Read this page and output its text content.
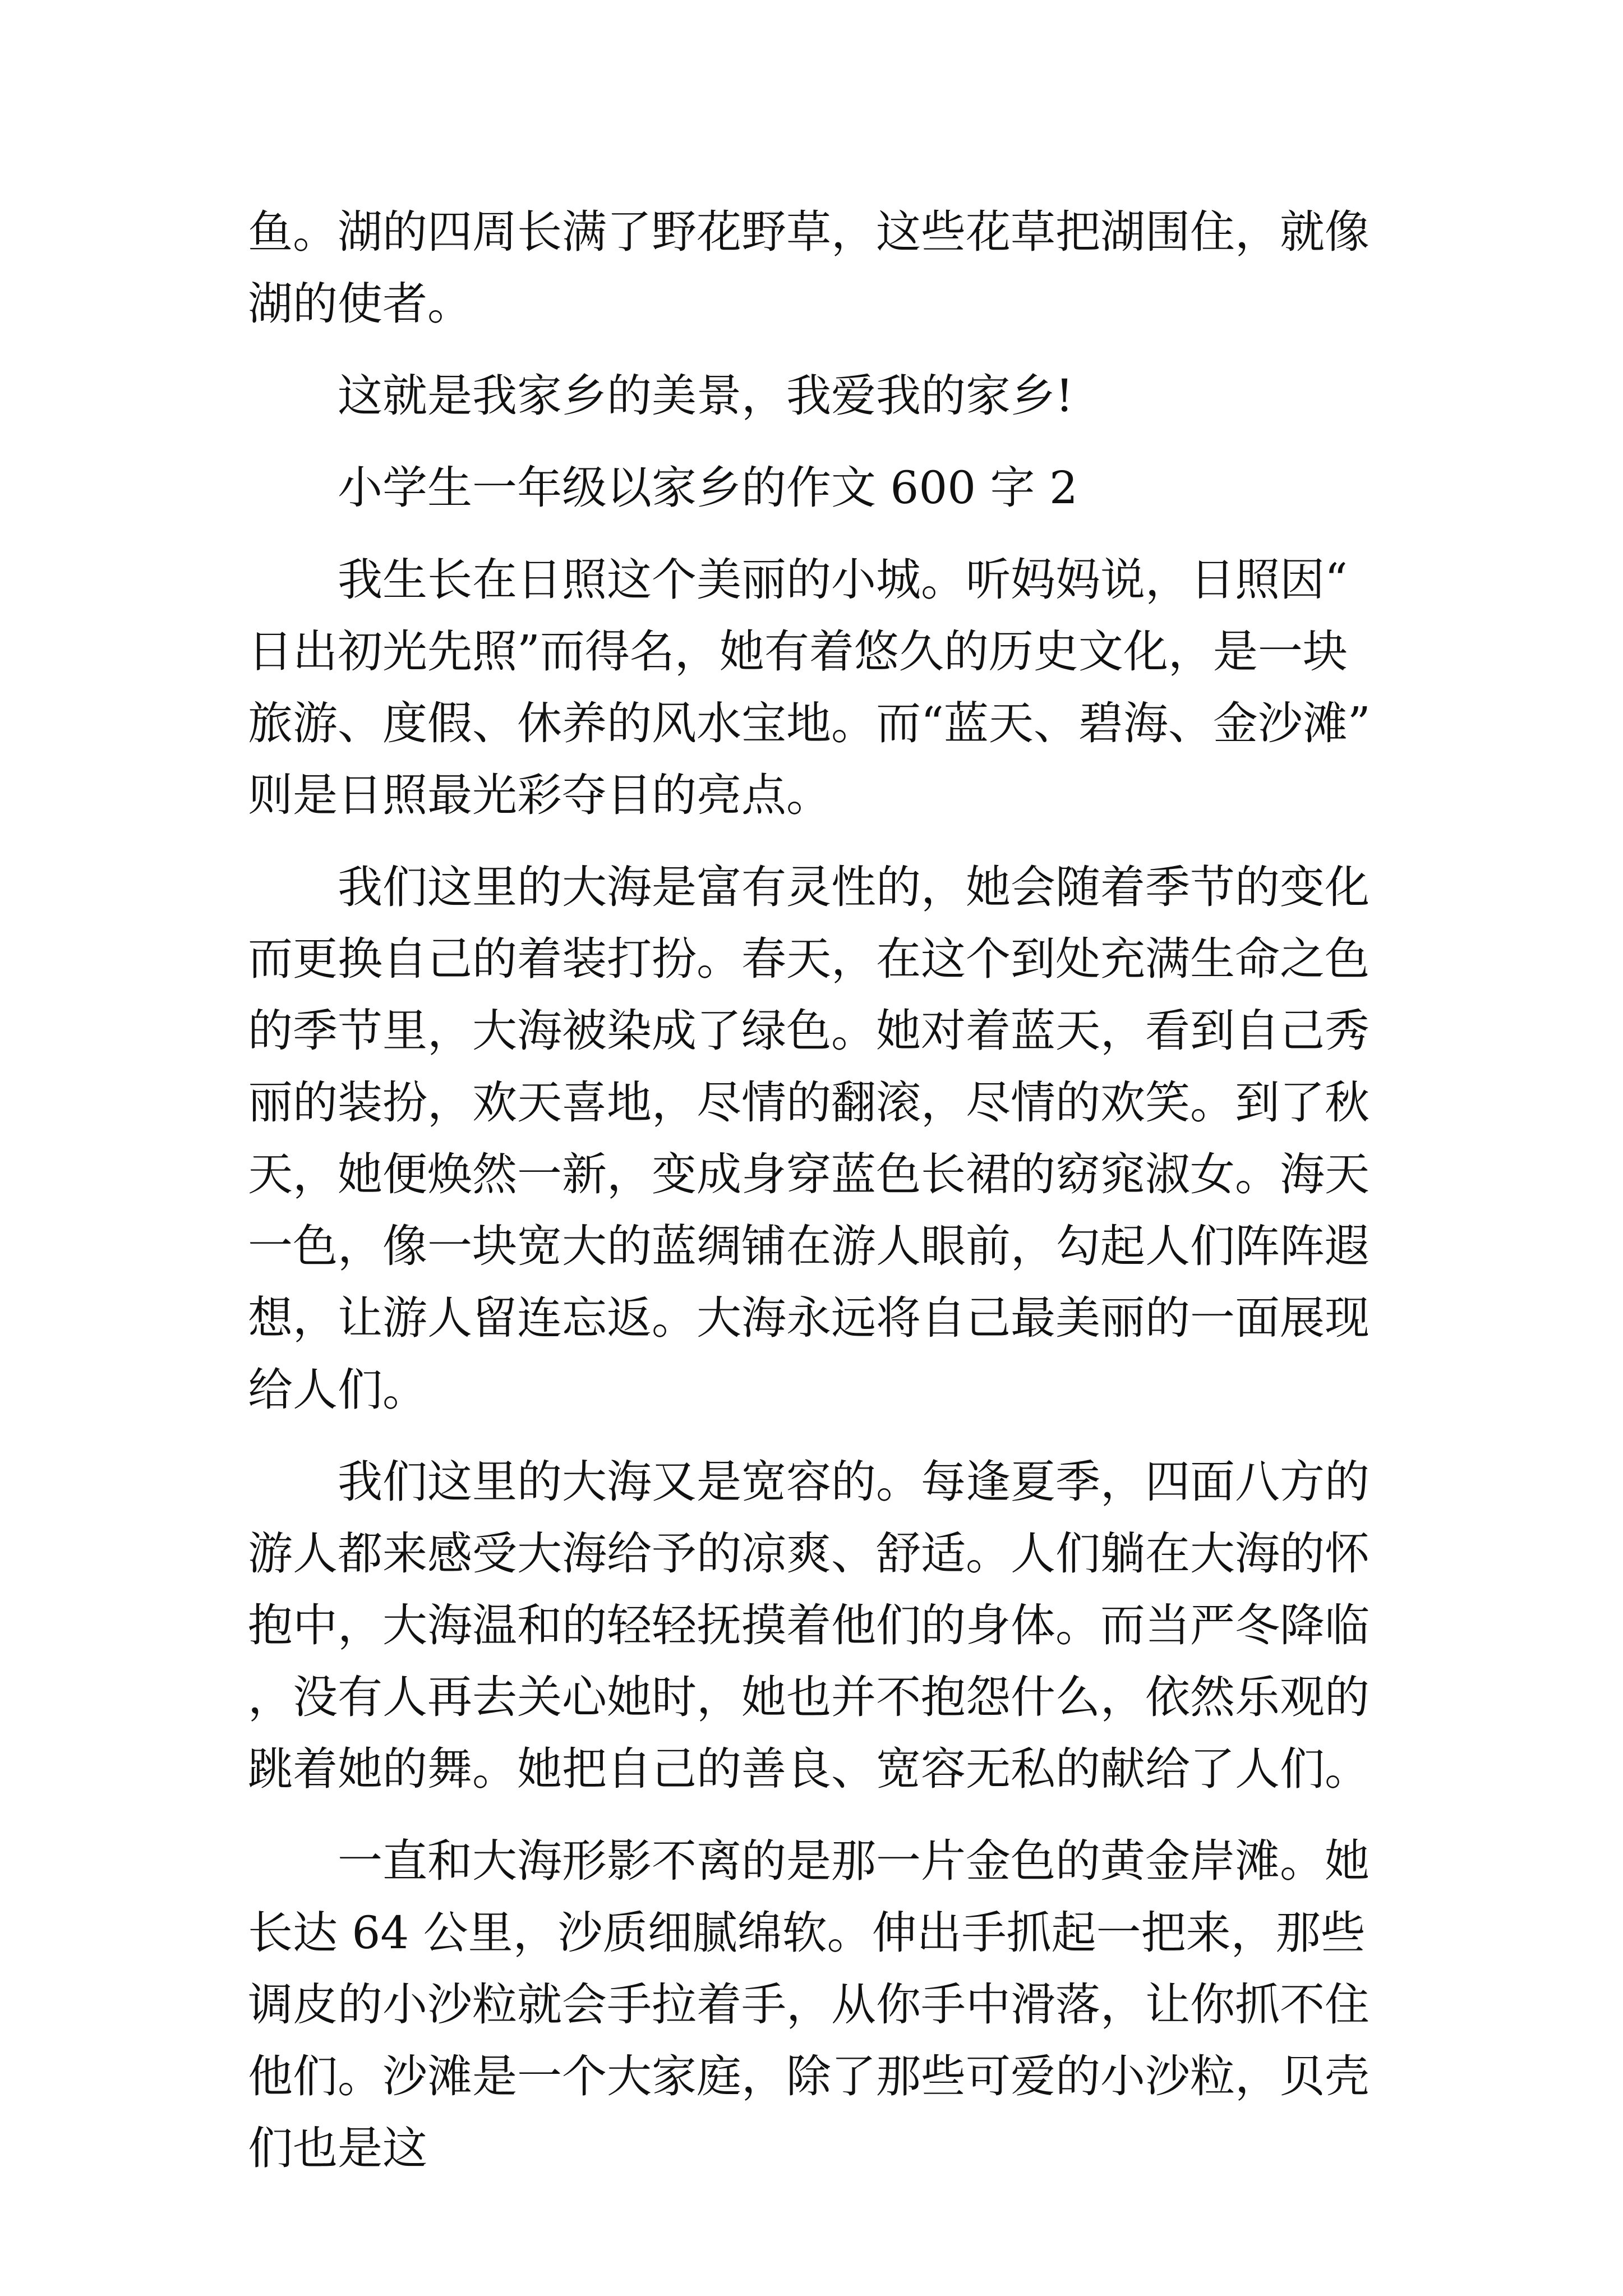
鱼。湖的四周长满了野花野草，这些花草把湖围住，就像湖的使者。

这就是我家乡的美景，我爱我的家乡!

小学生一年级以家乡的作文 600 字 2

我生长在日照这个美丽的小城。听妈妈说，日照因“日出初光先照”而得名，她有着悠久的历史文化，是一块旅游、度假、休养的风水宝地。而“蓝天、碧海、金沙滩”则是日照最光彩夺目的亮点。

我们这里的大海是富有灵性的，她会随着季节的变化而更换自己的着装打扮。春天，在这个到处充满生命之色的季节里，大海被染成了绿色。她对着蓝天，看到自己秀丽的装扮，欢天喜地，尽情的翻滚，尽情的欢笑。到了秋天，她便焕然一新，变成身穿蓝色长裙的窈窕淑女。海天一色，像一块宽大的蓝绸铺在游人眼前，勾起人们阵阵遐想，让游人留连忘返。大海永远将自己最美丽的一面展现给人们。

我们这里的大海又是宽容的。每逢夏季，四面八方的游人都来感受大海给予的凉爽、舒适。人们躺在大海的怀抱中，大海温和的轻轻抚摸着他们的身体。而当严冬降临，没有人再去关心她时，她也并不抱怨什么，依然乐观的跳着她的舞。她把自己的善良、宽容无私的献给了人们。

一直和大海形影不离的是那一片金色的黄金岸滩。她长达 64 公里，沙质细腻绵软。伸出手抓起一把来，那些调皮的小沙粒就会手拉着手，从你手中滑落，让你抓不住他们。沙滩是一个大家庭，除了那些可爱的小沙粒，贝壳们也是这
